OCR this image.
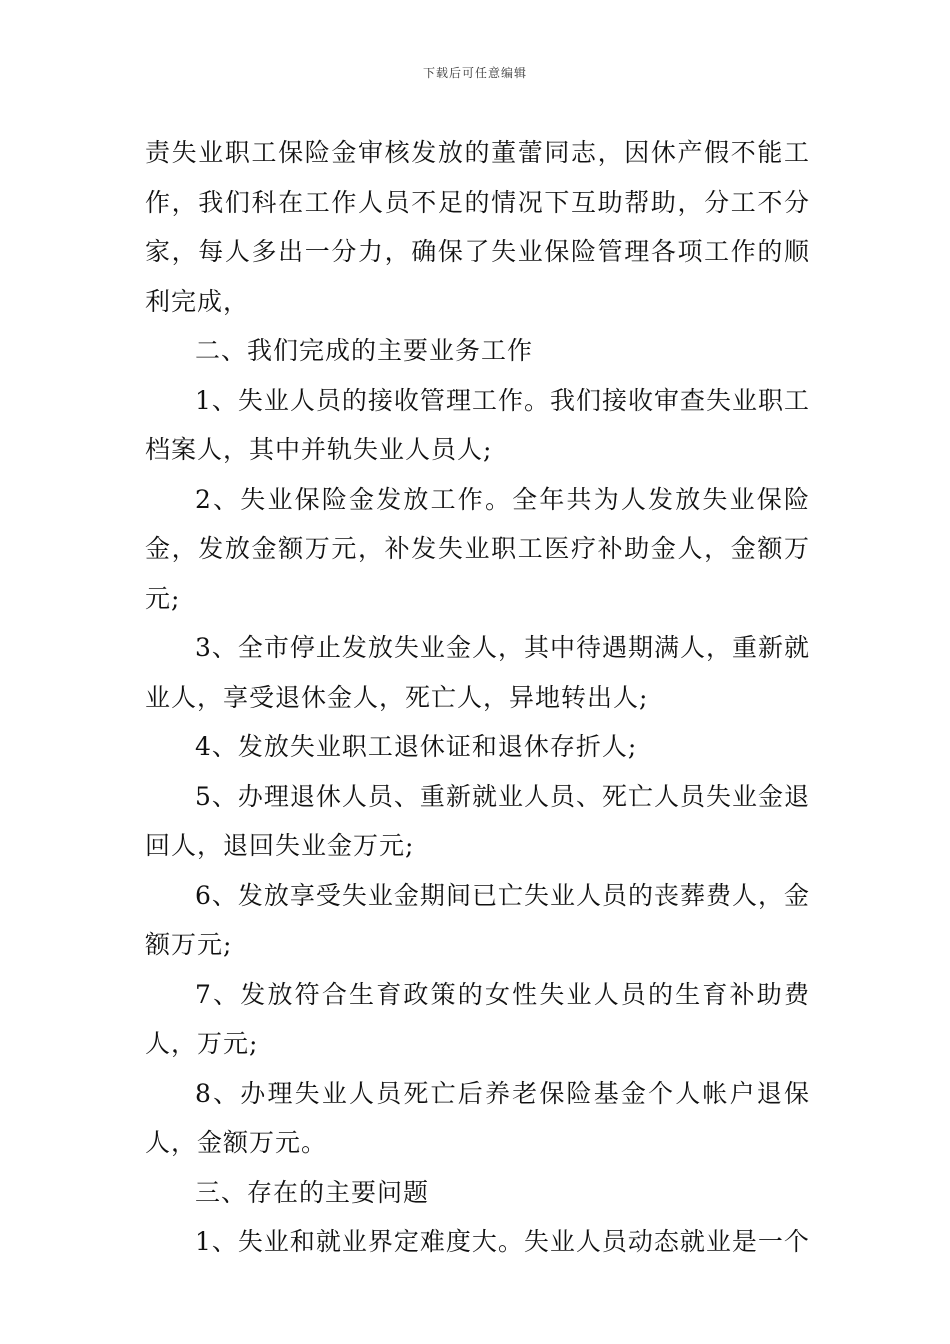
下载后可任意编辑

责失业职工保险金审核发放的董蕾同志，因休产假不能工作，我们科在工作人员不足的情况下互助帮助，分工不分家，每人多出一分力，确保了失业保险管理各项工作的顺利完成，

二、我们完成的主要业务工作

1、失业人员的接收管理工作。我们接收审查失业职工档案人，其中并轨失业人员人;

2、失业保险金发放工作。全年共为人发放失业保险金，发放金额万元，补发失业职工医疗补助金人，金额万元;

3、全市停止发放失业金人，其中待遇期满人，重新就业人，享受退休金人，死亡人，异地转出人;

4、发放失业职工退休证和退休存折人;

5、办理退休人员、重新就业人员、死亡人员失业金退回人，退回失业金万元;

6、发放享受失业金期间已亡失业人员的丧葬费人，金额万元;

7、发放符合生育政策的女性失业人员的生育补助费人，万元;

8、办理失业人员死亡后养老保险基金个人帐户退保人，金额万元。

三、存在的主要问题

1、失业和就业界定难度大。失业人员动态就业是一个
